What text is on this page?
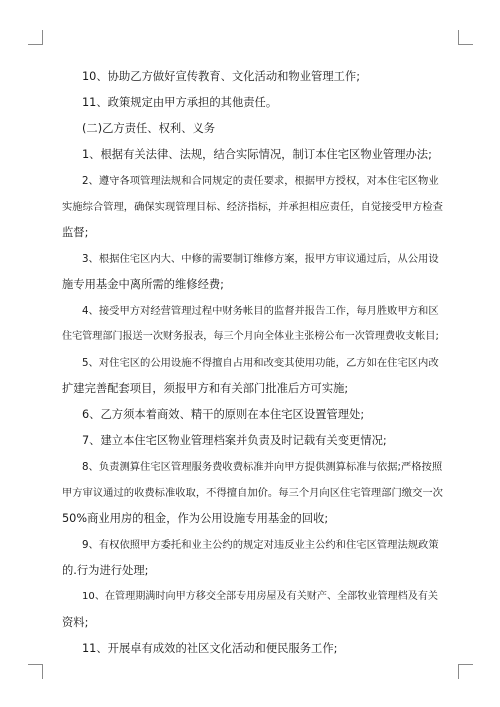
10、协助乙方做好宣传教育、文化活动和物业管理工作;
11、政策规定由甲方承担的其他责任。
(二)乙方责任、权利、义务
1、根据有关法律、法规，结合实际情况，制订本住宅区物业管理办法;
2、遵守各项管理法规和合同规定的责任要求，根据甲方授权，对本住宅区物业
实施综合管理，确保实现管理目标、经济指标，并承担相应责任，自觉接受甲方检查
监督;
3、根据住宅区内大、中修的需要制订维修方案，报甲方审议通过后，从公用设
施专用基金中离所需的维修经费;
4、接受甲方对经营管理过程中财务帐目的监督并报告工作，每月胜败甲方和区
住宅管理部门报送一次财务报表，每三个月向全体业主张榜公布一次管理费收支帐目;
5、对住宅区的公用设施不得擅自占用和改变其使用功能，乙方如在住宅区内改
扩建完善配套项目，须报甲方和有关部门批准后方可实施;
6、乙方须本着商效、精干的原则在本住宅区设置管理处;
7、建立本住宅区物业管理档案并负责及时记载有关变更情况;
8、负责测算住宅区管理服务费收费标准并向甲方提供测算标准与依据;严格按照
甲方审议通过的收费标准收取，不得擅自加价。每三个月向区住宅管理部门缴交一次
50%商业用房的租金，作为公用设施专用基金的回收;
9、有权依照甲方委托和业主公约的规定对违反业主公约和住宅区管理法规政策
的.行为进行处理;
10、在管理期满时向甲方移交全部专用房屋及有关财产、全部牧业管理档及有关
资料;
11、开展卓有成效的社区文化活动和便民服务工作;
